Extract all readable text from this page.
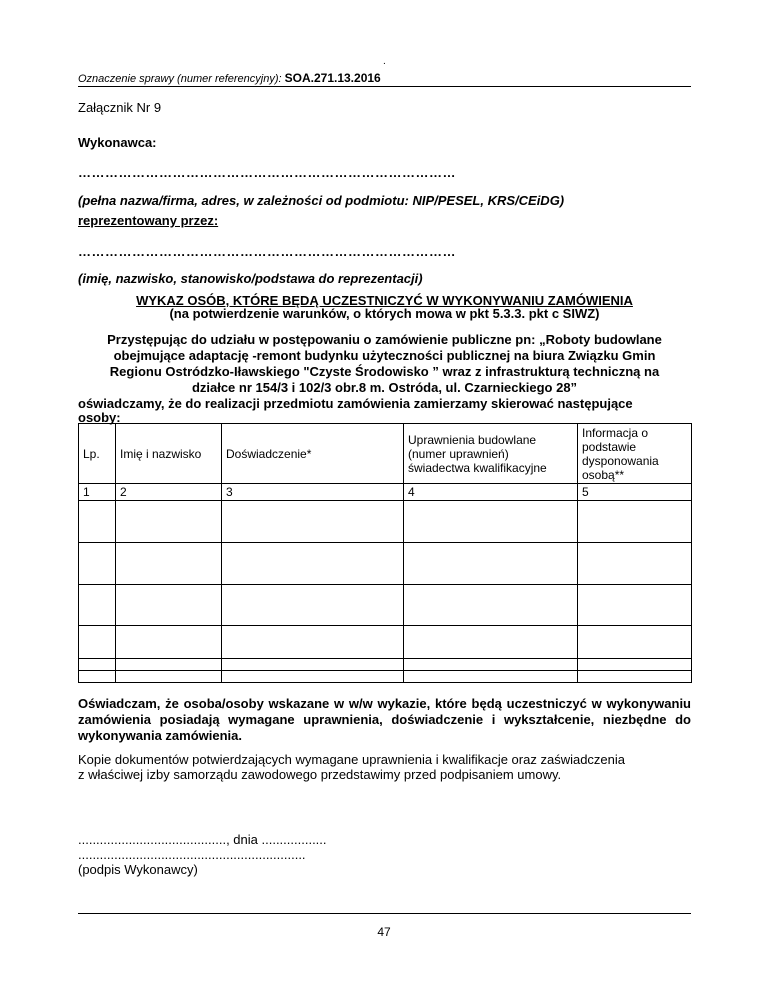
.
Oznaczenie sprawy (numer referencyjny): SOA.271.13.2016
Załącznik Nr 9
Wykonawca:
…………………………………………………………………………
(pełna nazwa/firma, adres, w zależności od podmiotu: NIP/PESEL, KRS/CEiDG)
reprezentowany przez:
…………………………………………………………………………
(imię, nazwisko, stanowisko/podstawa do reprezentacji)
WYKAZ OSÓB, KTÓRE BĘDĄ UCZESTNICZYĆ W WYKONYWANIU ZAMÓWIENIA
(na potwierdzenie warunków, o których mowa w pkt 5.3.3. pkt c SIWZ)
Przystępując do udziału w postępowaniu o zamówienie publiczne pn: „Roboty budowlane
obejmujące adaptację -remont budynku użyteczności publicznej na biura Związku Gmin
Regionu Ostródzko-Iławskiego "Czyste Środowisko ” wraz z infrastrukturą techniczną na
działce nr 154/3 i 102/3 obr.8 m. Ostróda, ul. Czarnieckiego 28”
oświadczamy, że do realizacji przedmiotu zamówienia zamierzamy skierować następujące
osoby:
Lp.	Imię i nazwisko	Doświadczenie*	Uprawnienia budowlane (numer uprawnień) świadectwa kwalifikacyjne	Informacja o podstawie dysponowania osobą**
1	2	3	4	5

Oświadczam, że osoba/osoby wskazane w w/w wykazie, które będą uczestniczyć w wykonywaniu zamówienia posiadają wymagane uprawnienia, doświadczenie i wykształcenie, niezbędne do wykonywania zamówienia.
Kopie dokumentów potwierdzających wymagane uprawnienia i kwalifikacje oraz zaświadczenia
z właściwej izby samorządu zawodowego przedstawimy przed podpisaniem umowy.
........................................., dnia ..................
...............................................................
(podpis Wykonawcy)
47
